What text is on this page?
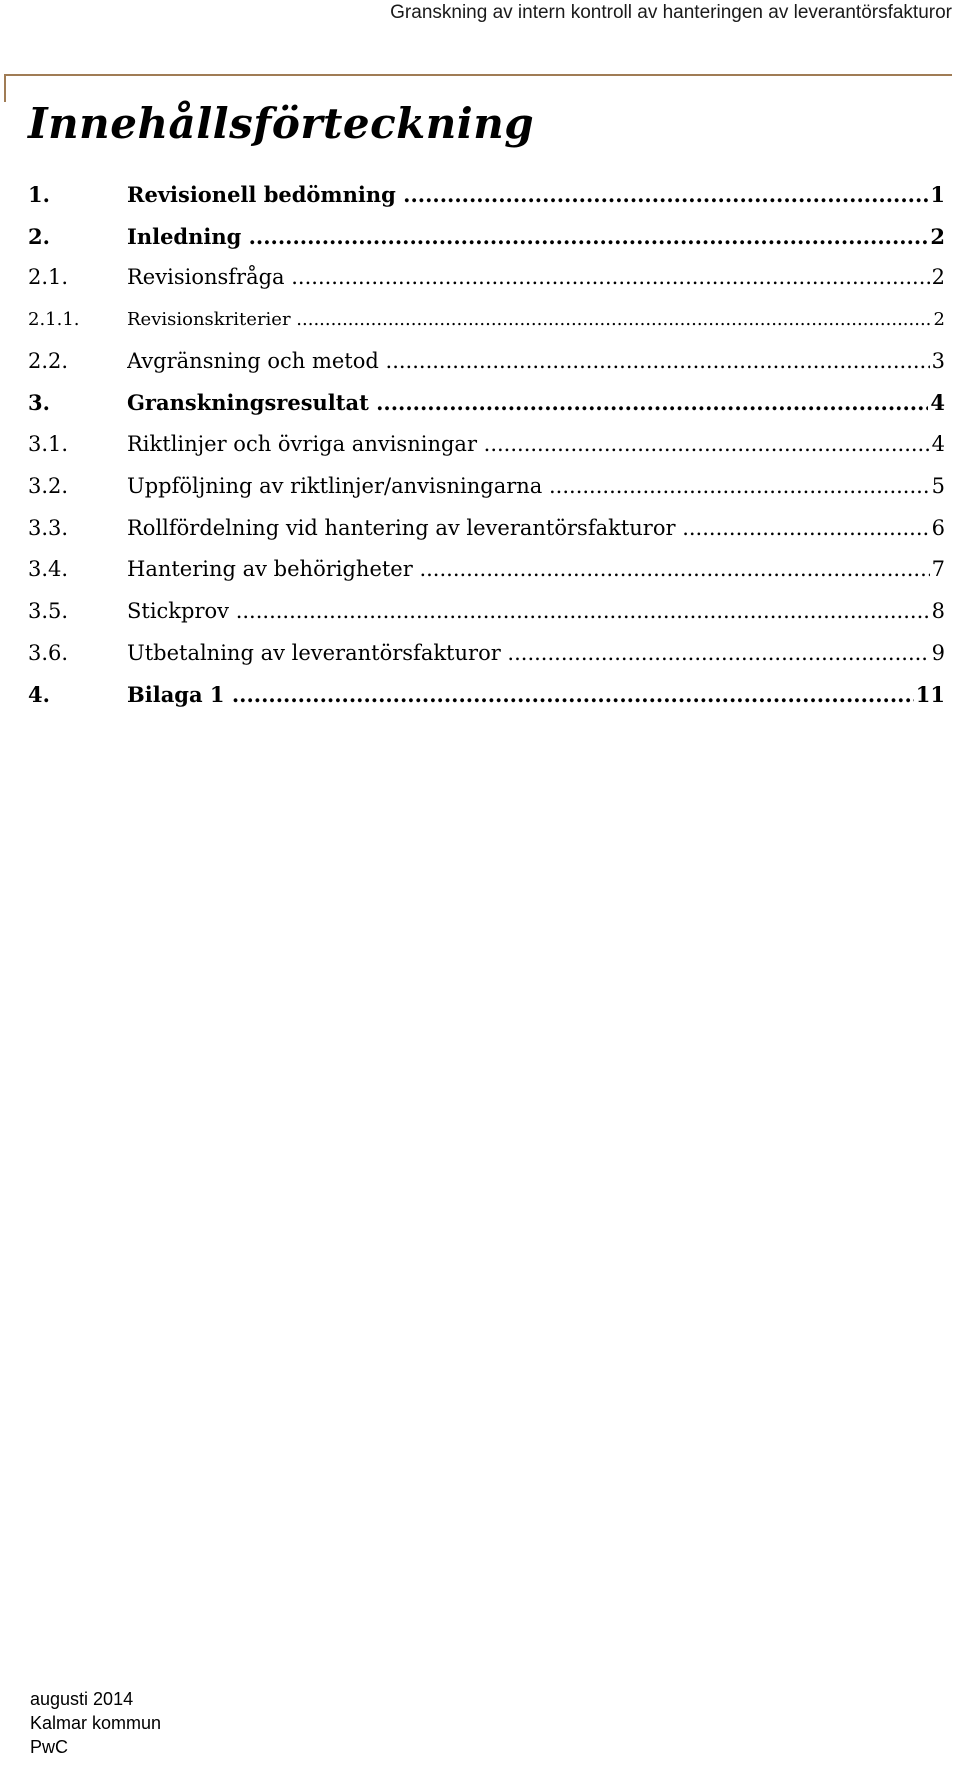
Granskning av intern kontroll av hanteringen av leverantörsfakturor
Innehållsförteckning
1.	Revisionell bedömning .....	1
2.	Inledning .....	2
2.1.	Revisionsfråga .....	2
2.1.1.	Revisionskriterier .....	2
2.2.	Avgränsning och metod .....	3
3.	Granskningsresultat .....	4
3.1.	Riktlinjer och övriga anvisningar .....	4
3.2.	Uppföljning av riktlinjer/anvisningarna .....	5
3.3.	Rollfördelning vid hantering av leverantörsfakturor .....	6
3.4.	Hantering av behörigheter .....	7
3.5.	Stickprov .....	8
3.6.	Utbetalning av leverantörsfakturor .....	9
4.	Bilaga 1 .....	11
augusti 2014
Kalmar kommun
PwC
